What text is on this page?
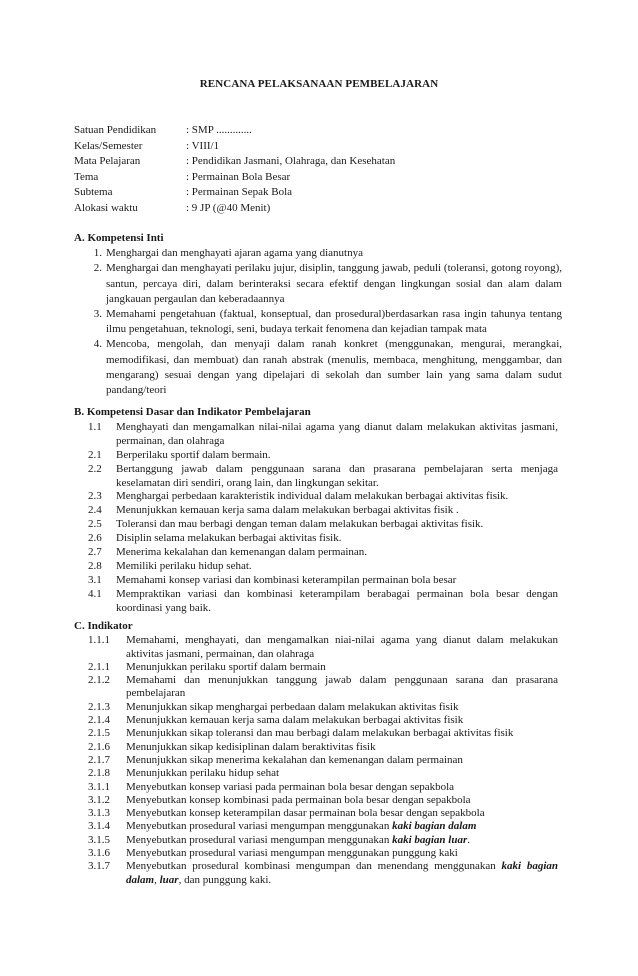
RENCANA PELAKSANAAN PEMBELAJARAN
Satuan Pendidikan	: SMP .............
Kelas/Semester	: VIII/1
Mata Pelajaran	: Pendidikan Jasmani, Olahraga, dan Kesehatan
Tema	: Permainan Bola Besar
Subtema	: Permainan Sepak Bola
Alokasi waktu	: 9 JP (@40 Menit)
A. Kompetensi Inti
1. Menghargai dan menghayati ajaran agama yang dianutnya
2. Menghargai dan menghayati perilaku jujur, disiplin, tanggung jawab, peduli (toleransi, gotong royong), santun, percaya diri, dalam berinteraksi secara efektif dengan lingkungan sosial dan alam dalam jangkauan pergaulan dan keberadaannya
3. Memahami pengetahuan (faktual, konseptual, dan prosedural)berdasarkan rasa ingin tahunya tentang ilmu pengetahuan, teknologi, seni, budaya terkait fenomena dan kejadian tampak mata
4. Mencoba, mengolah, dan menyaji dalam ranah konkret (menggunakan, mengurai, merangkai, memodifikasi, dan membuat) dan ranah abstrak (menulis, membaca, menghitung, menggambar, dan mengarang) sesuai dengan yang dipelajari di sekolah dan sumber lain yang sama dalam sudut pandang/teori
B. Kompetensi Dasar dan Indikator Pembelajaran
1.1	Menghayati dan mengamalkan nilai-nilai agama yang dianut dalam melakukan aktivitas jasmani, permainan, dan olahraga
2.1	Berperilaku sportif dalam bermain.
2.2	Bertanggung jawab dalam penggunaan sarana dan prasarana pembelajaran serta menjaga keselamatan diri sendiri, orang lain, dan lingkungan sekitar.
2.3	Menghargai perbedaan karakteristik individual dalam melakukan berbagai aktivitas fisik.
2.4	Menunjukkan kemauan kerja sama dalam melakukan berbagai aktivitas fisik .
2.5	Toleransi dan mau berbagi dengan teman dalam melakukan berbagai aktivitas fisik.
2.6	Disiplin selama melakukan berbagai aktivitas fisik.
2.7	Menerima kekalahan dan kemenangan dalam permainan.
2.8	Memiliki perilaku hidup sehat.
3.1	Memahami konsep variasi dan kombinasi keterampilan permainan bola besar
4.1	Mempraktikan variasi dan kombinasi keterampilam berabagai permainan bola besar dengan koordinasi yang baik.
C. Indikator
1.1.1	Memahami, menghayati, dan mengamalkan niai-nilai agama yang dianut dalam melakukan aktivitas jasmani, permainan, dan olahraga
2.1.1	Menunjukkan perilaku sportif dalam bermain
2.1.2	Memahami dan menunjukkan tanggung jawab dalam penggunaan sarana dan prasarana pembelajaran
2.1.3	Menunjukkan sikap menghargai perbedaan dalam melakukan aktivitas fisik
2.1.4	Menunjukkan kemauan kerja sama dalam melakukan berbagai aktivitas fisik
2.1.5	Menunjukkan sikap toleransi dan mau berbagi dalam melakukan berbagai aktivitas fisik
2.1.6	Menunjukkan sikap kedisiplinan dalam beraktivitas fisik
2.1.7	Menunjukkan sikap menerima kekalahan dan kemenangan dalam permainan
2.1.8	Menunjukkan perilaku hidup sehat
3.1.1	Menyebutkan konsep variasi pada permainan bola besar dengan sepakbola
3.1.2	Menyebutkan konsep kombinasi pada permainan bola besar dengan sepakbola
3.1.3	Menyebutkan konsep keterampilan dasar permainan bola besar dengan sepakbola
3.1.4	Menyebutkan prosedural variasi mengumpan menggunakan kaki bagian dalam
3.1.5	Menyebutkan prosedural variasi mengumpan menggunakan kaki bagian luar.
3.1.6	Menyebutkan prosedural variasi mengumpan menggunakan punggung kaki
3.1.7	Menyebutkan prosedural kombinasi mengumpan dan menendang menggunakan kaki bagian dalam, luar, dan punggung kaki.
